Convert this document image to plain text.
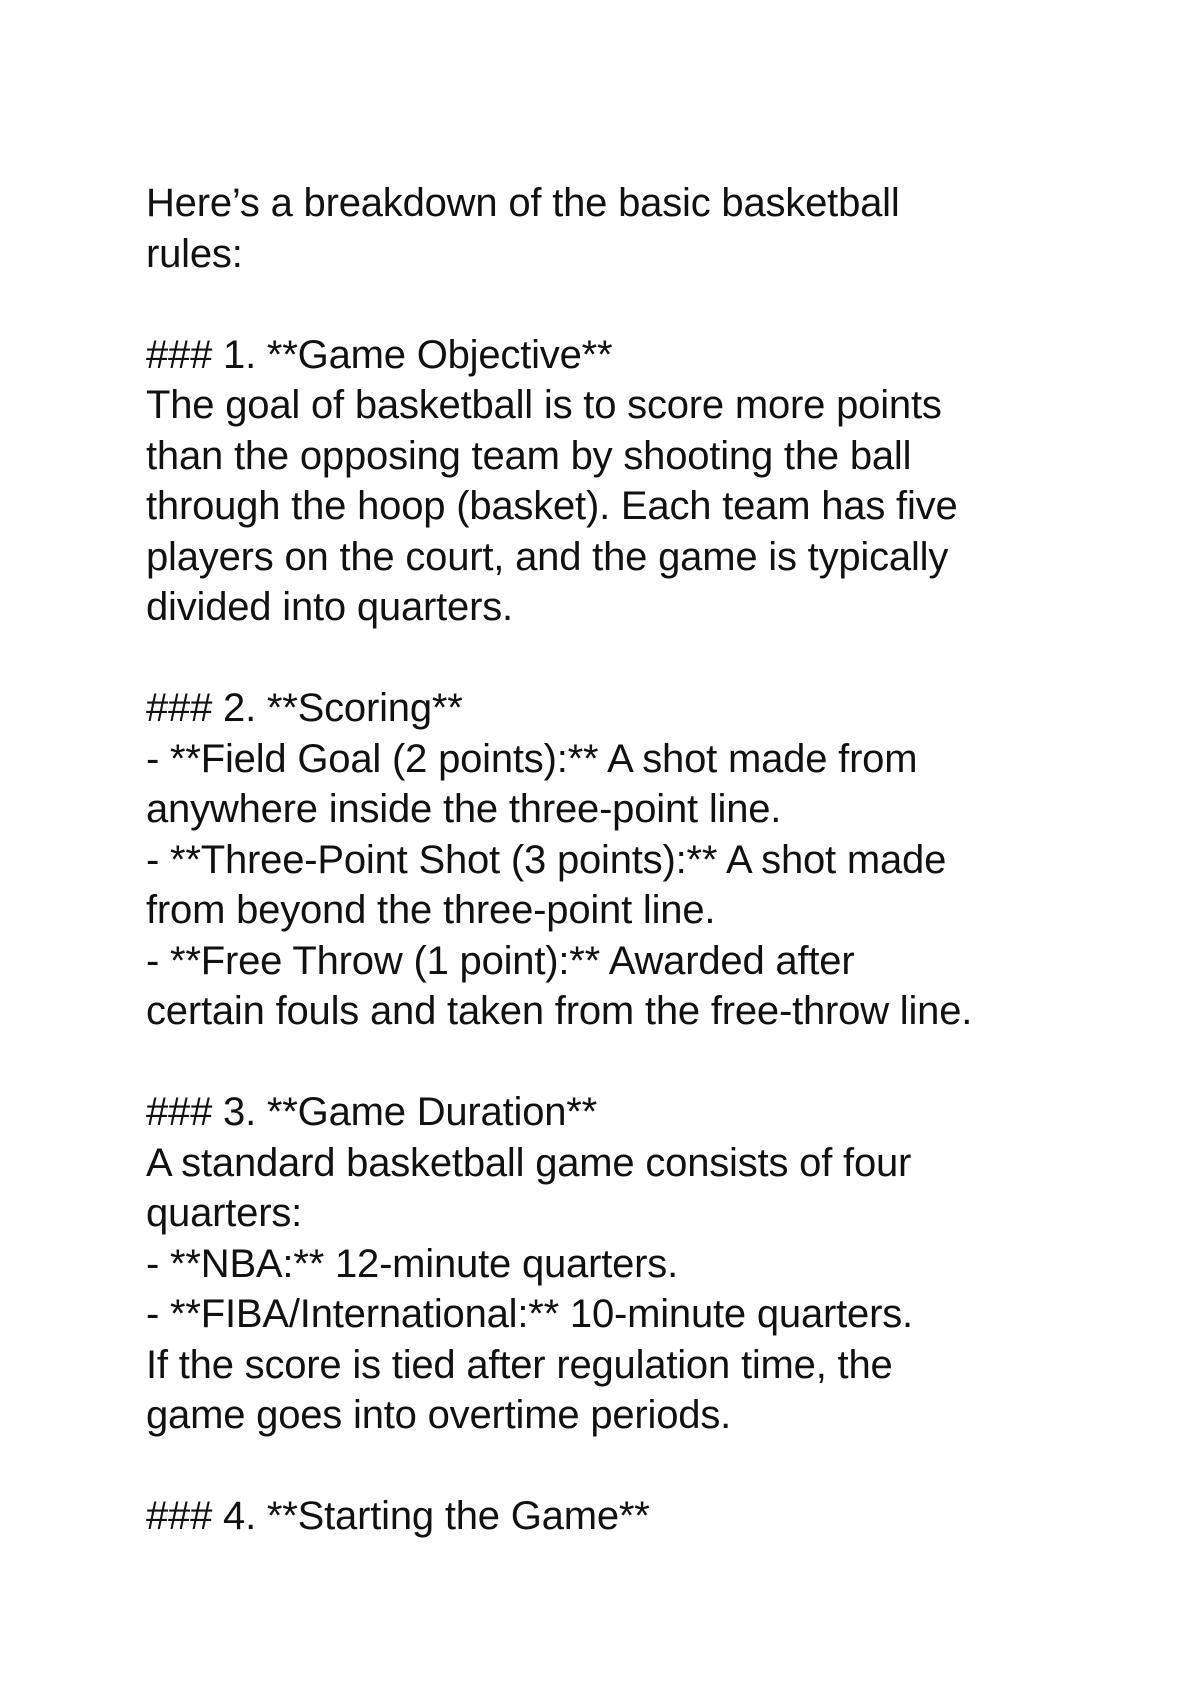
Here’s a breakdown of the basic basketball
rules:
### 1. **Game Objective**
The goal of basketball is to score more points
than the opposing team by shooting the ball
through the hoop (basket). Each team has five
players on the court, and the game is typically
divided into quarters.
### 2. **Scoring**
- **Field Goal (2 points):** A shot made from
anywhere inside the three-point line.
- **Three-Point Shot (3 points):** A shot made
from beyond the three-point line.
- **Free Throw (1 point):** Awarded after
certain fouls and taken from the free-throw line.
### 3. **Game Duration**
A standard basketball game consists of four
quarters:
- **NBA:** 12-minute quarters.
- **FIBA/International:** 10-minute quarters.
If the score is tied after regulation time, the
game goes into overtime periods.
### 4. **Starting the Game**
